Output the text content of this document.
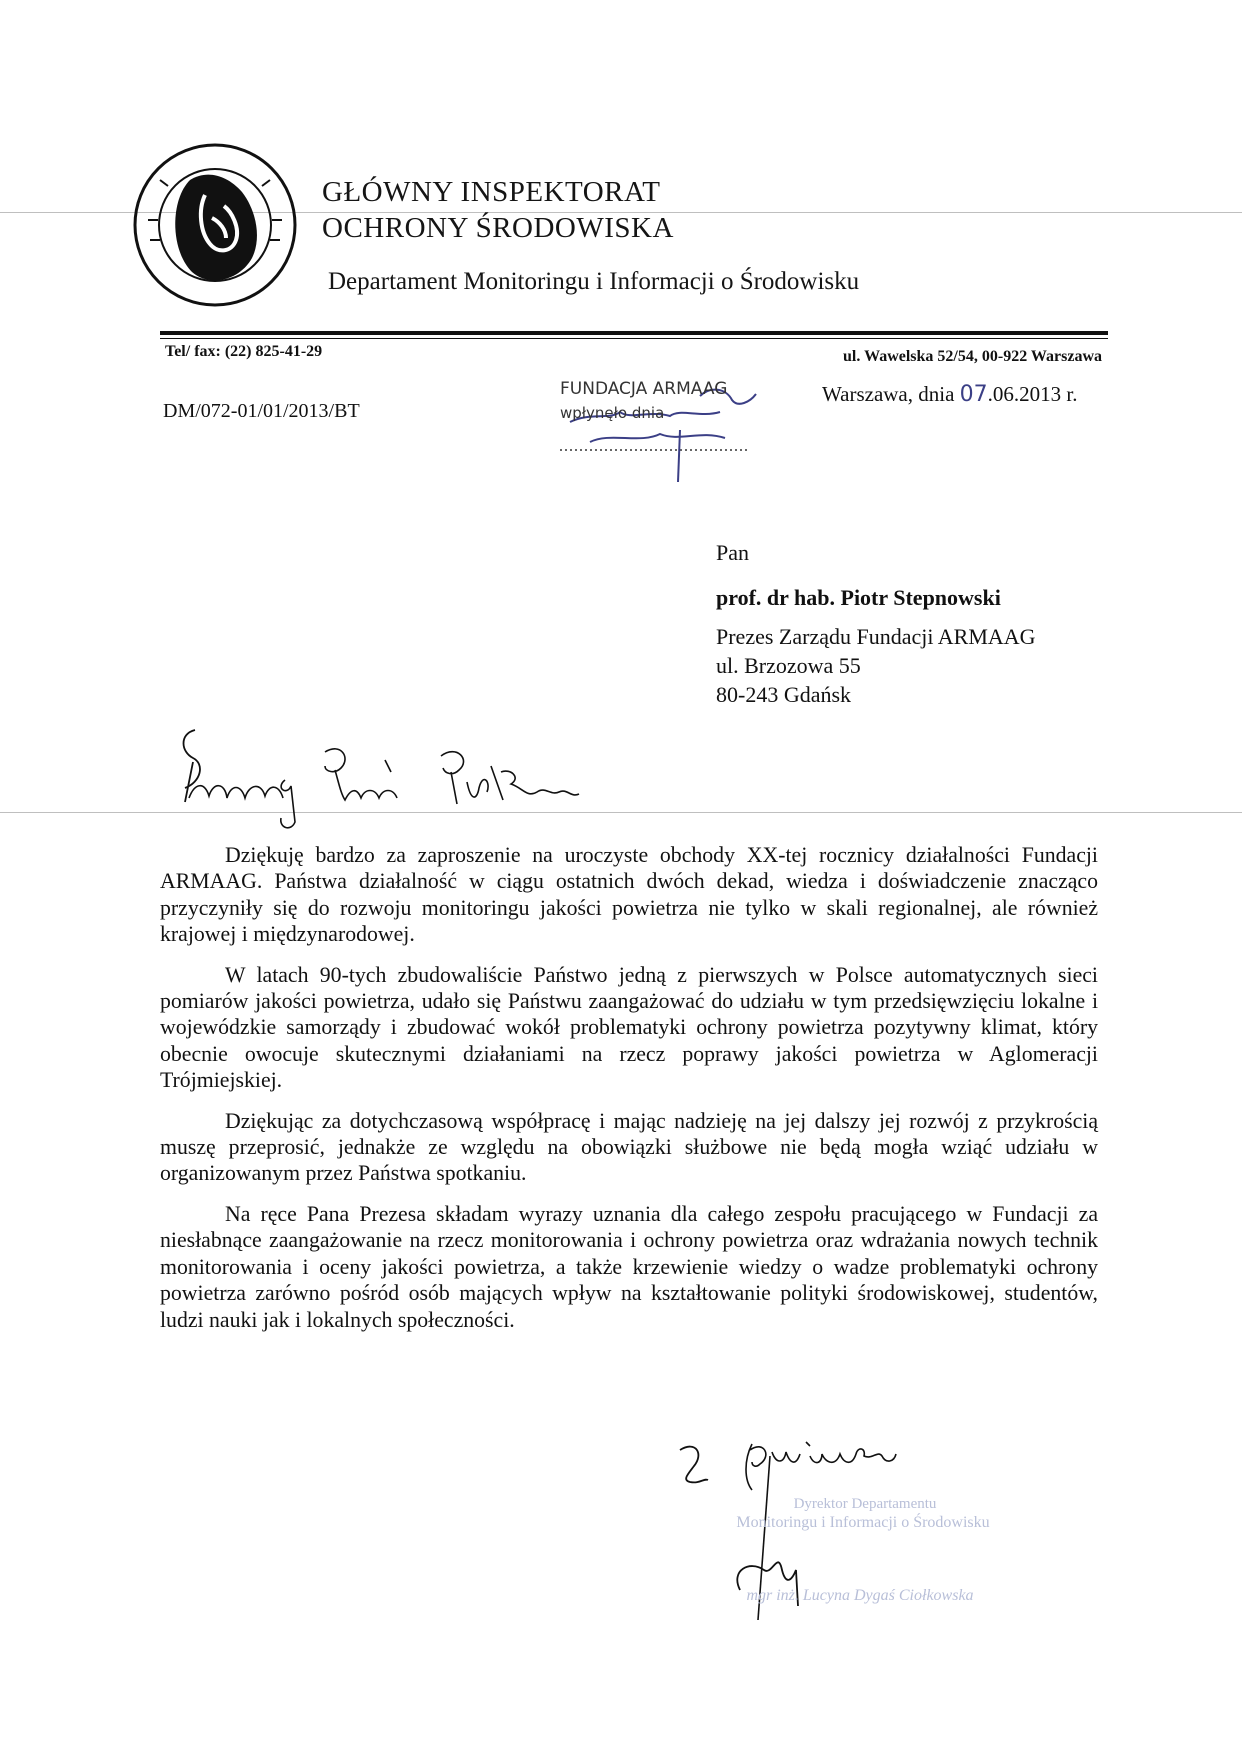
GŁÓWNY INSPEKTORAT
OCHRONY ŚRODOWISKA
Departament Monitoringu i Informacji o Środowisku
Tel/ fax: (22) 825-41-29	ul. Wawelska 52/54, 00-922 Warszawa
DM/072-01/01/2013/BT
FUNDACJA ARMAAG
wpłynęło dnia
Warszawa, dnia 07.06.2013 r.
Pan
prof. dr hab. Piotr Stepnowski
Prezes Zarządu Fundacji ARMAAG
ul. Brzozowa 55
80-243 Gdańsk

Dziękuję bardzo za zaproszenie na uroczyste obchody XX-tej rocznicy działalności Fundacji ARMAAG. Państwa działalność w ciągu ostatnich dwóch dekad, wiedza i doświadczenie znacząco przyczyniły się do rozwoju monitoringu jakości powietrza nie tylko w skali regionalnej, ale również krajowej i międzynarodowej.

W latach 90-tych zbudowaliście Państwo jedną z pierwszych w Polsce automatycznych sieci pomiarów jakości powietrza, udało się Państwu zaangażować do udziału w tym przedsięwzięciu lokalne i wojewódzkie samorządy i zbudować wokół problematyki ochrony powietrza pozytywny klimat, który obecnie owocuje skutecznymi działaniami na rzecz poprawy jakości powietrza w Aglomeracji Trójmiejskiej.

Dziękując za dotychczasową współpracę i mając nadzieję na jej dalszy jej rozwój z przykrością muszę przeprosić, jednakże ze względu na obowiązki służbowe nie będą mogła wziąć udziału w organizowanym przez Państwa spotkaniu.

Na ręce Pana Prezesa składam wyrazy uznania dla całego zespołu pracującego w Fundacji za niesłabnące zaangażowanie na rzecz monitorowania i ochrony powietrza oraz wdrażania nowych technik monitorowania i oceny jakości powietrza, a także krzewienie wiedzy o wadze problematyki ochrony powietrza zarówno pośród osób mających wpływ na kształtowanie polityki środowiskowej, studentów, ludzi nauki jak i lokalnych społeczności.

Dyrektor Departamentu
Monitoringu i Informacji o Środowisku
mgr inż. Lucyna Dygaś Ciołkowska
